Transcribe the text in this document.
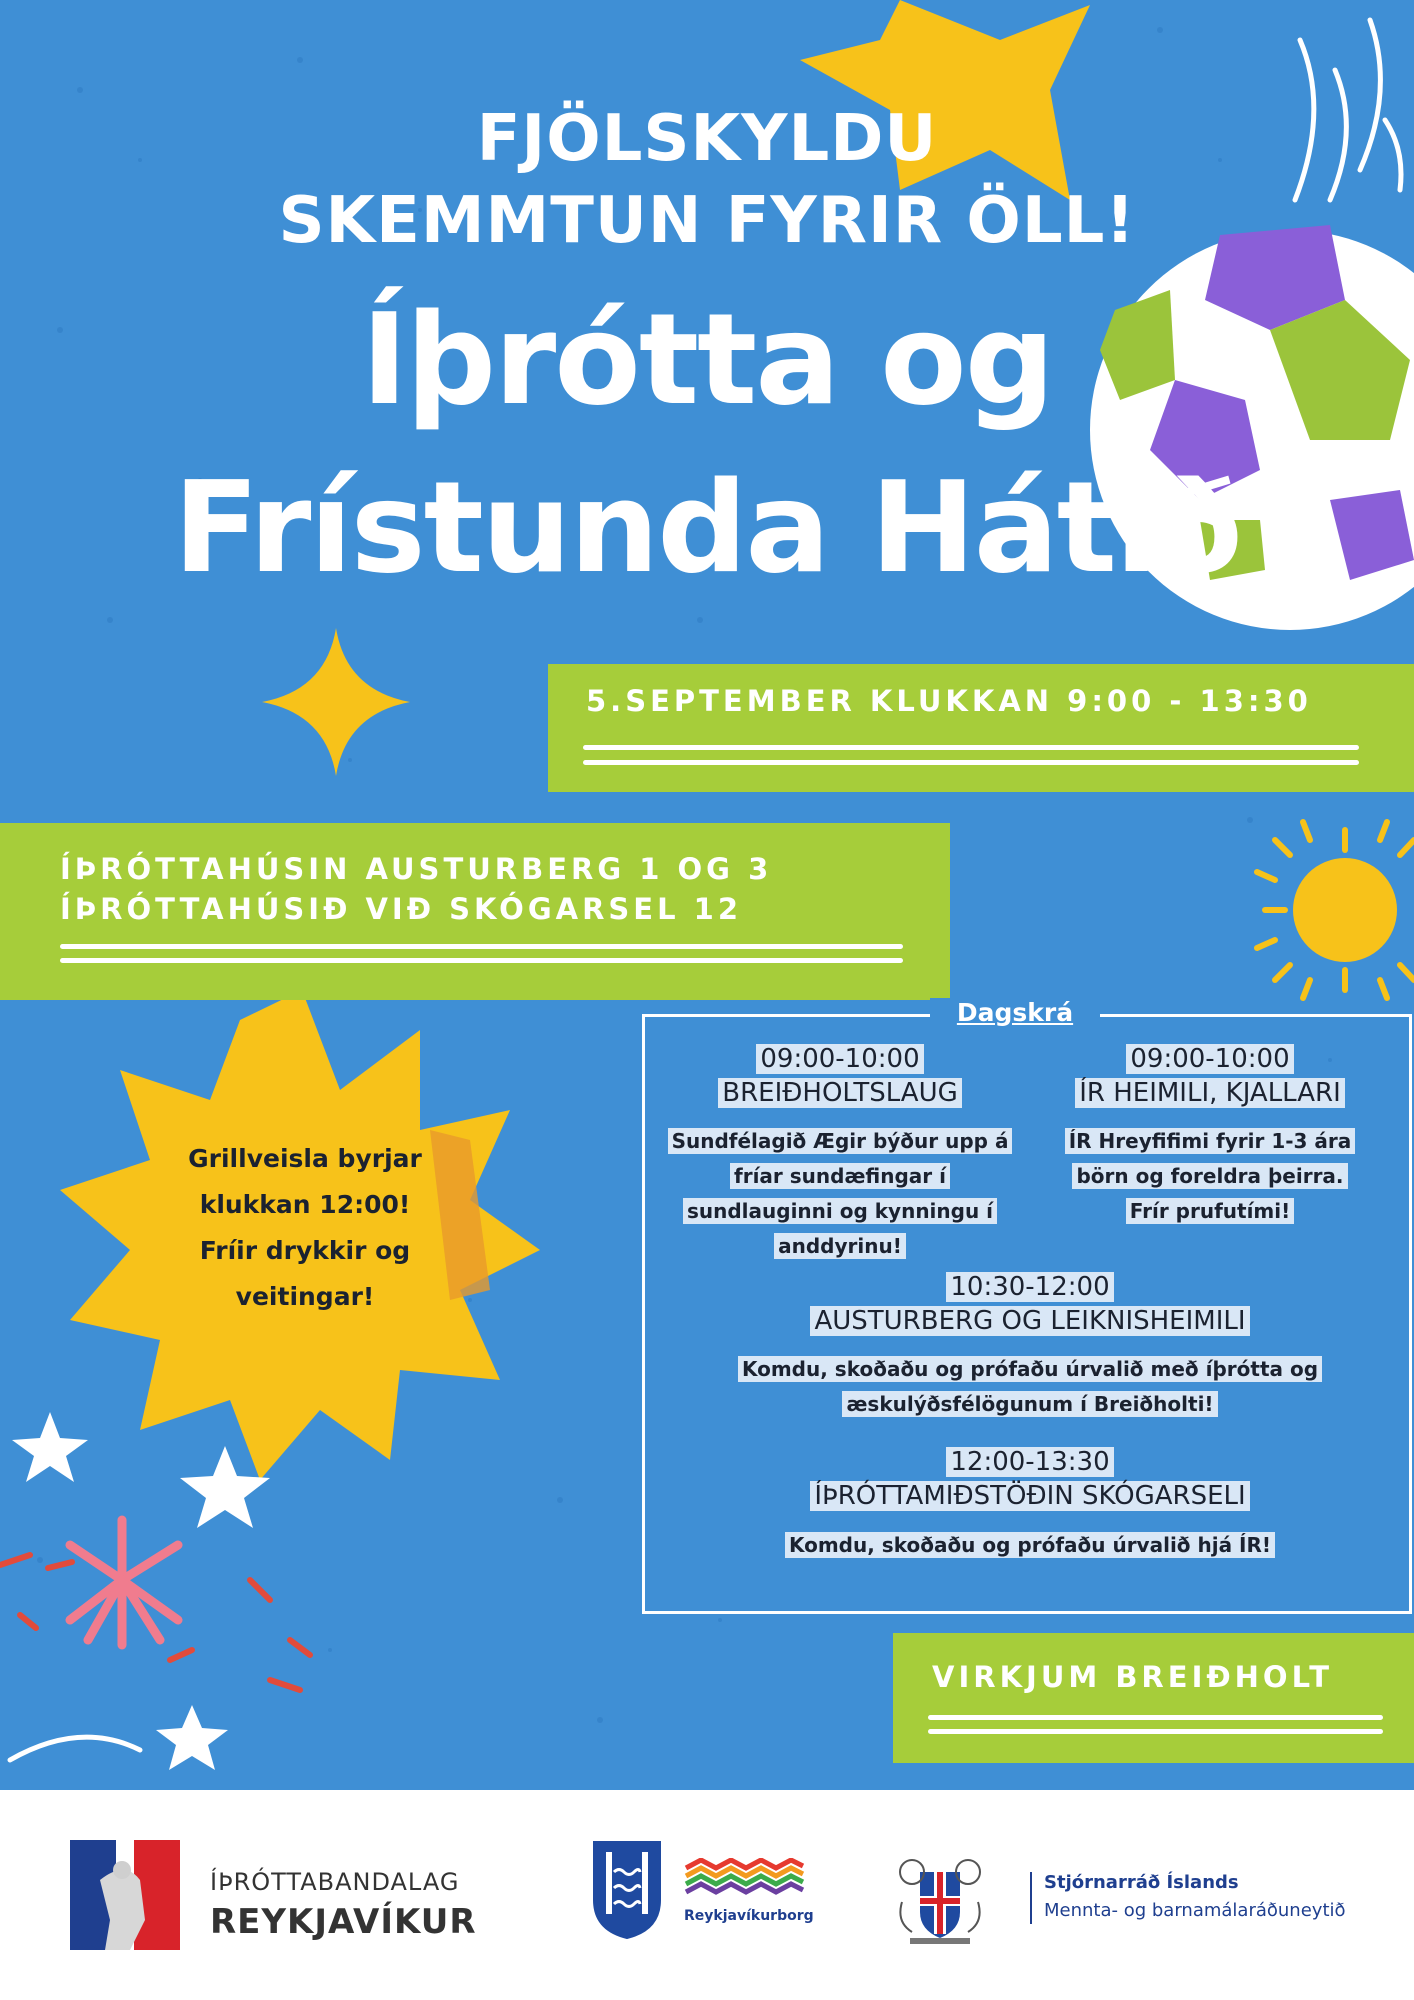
FJÖLSKYLDU
SKEMMTUN FYRIR ÖLL!
Íþrótta og
Frístunda Hátíð
5.SEPTEMBER KLUKKAN 9:00 - 13:30
ÍÞRÓTTAHÚSIN AUSTURBERG 1 OG 3
ÍÞRÓTTAHÚSIÐ VIÐ SKÓGARSEL 12
Grillveisla byrjar
klukkan 12:00!
Fríir drykkir og
veitingar!
Dagskrá
09:00-10:00
BREIÐHOLTSLAUG
Sundfélagið Ægir býður upp á
fríar sundæfingar í
sundlauginni og kynningu í
anddyrinu!
09:00-10:00
ÍR HEIMILI, KJALLARI
ÍR Hreyfifimi fyrir 1-3 ára
börn og foreldra þeirra.
Frír prufutími!
10:30-12:00
AUSTURBERG OG LEIKNISHEIMILI
Komdu, skoðaðu og prófaðu úrvalið með íþrótta og
æskulýðsfélögunum í Breiðholti!
12:00-13:30
ÍÞRÓTTAMIÐSTÖÐIN SKÓGARSELI
Komdu, skoðaðu og prófaðu úrvalið hjá ÍR!
VIRKJUM BREIÐHOLT
ÍÞRÓTTABANDALAG
REYKJAVÍKUR	Reykjavíkurborg
Stjórnarráð Íslands
Mennta- og barnamálaráðuneytið
